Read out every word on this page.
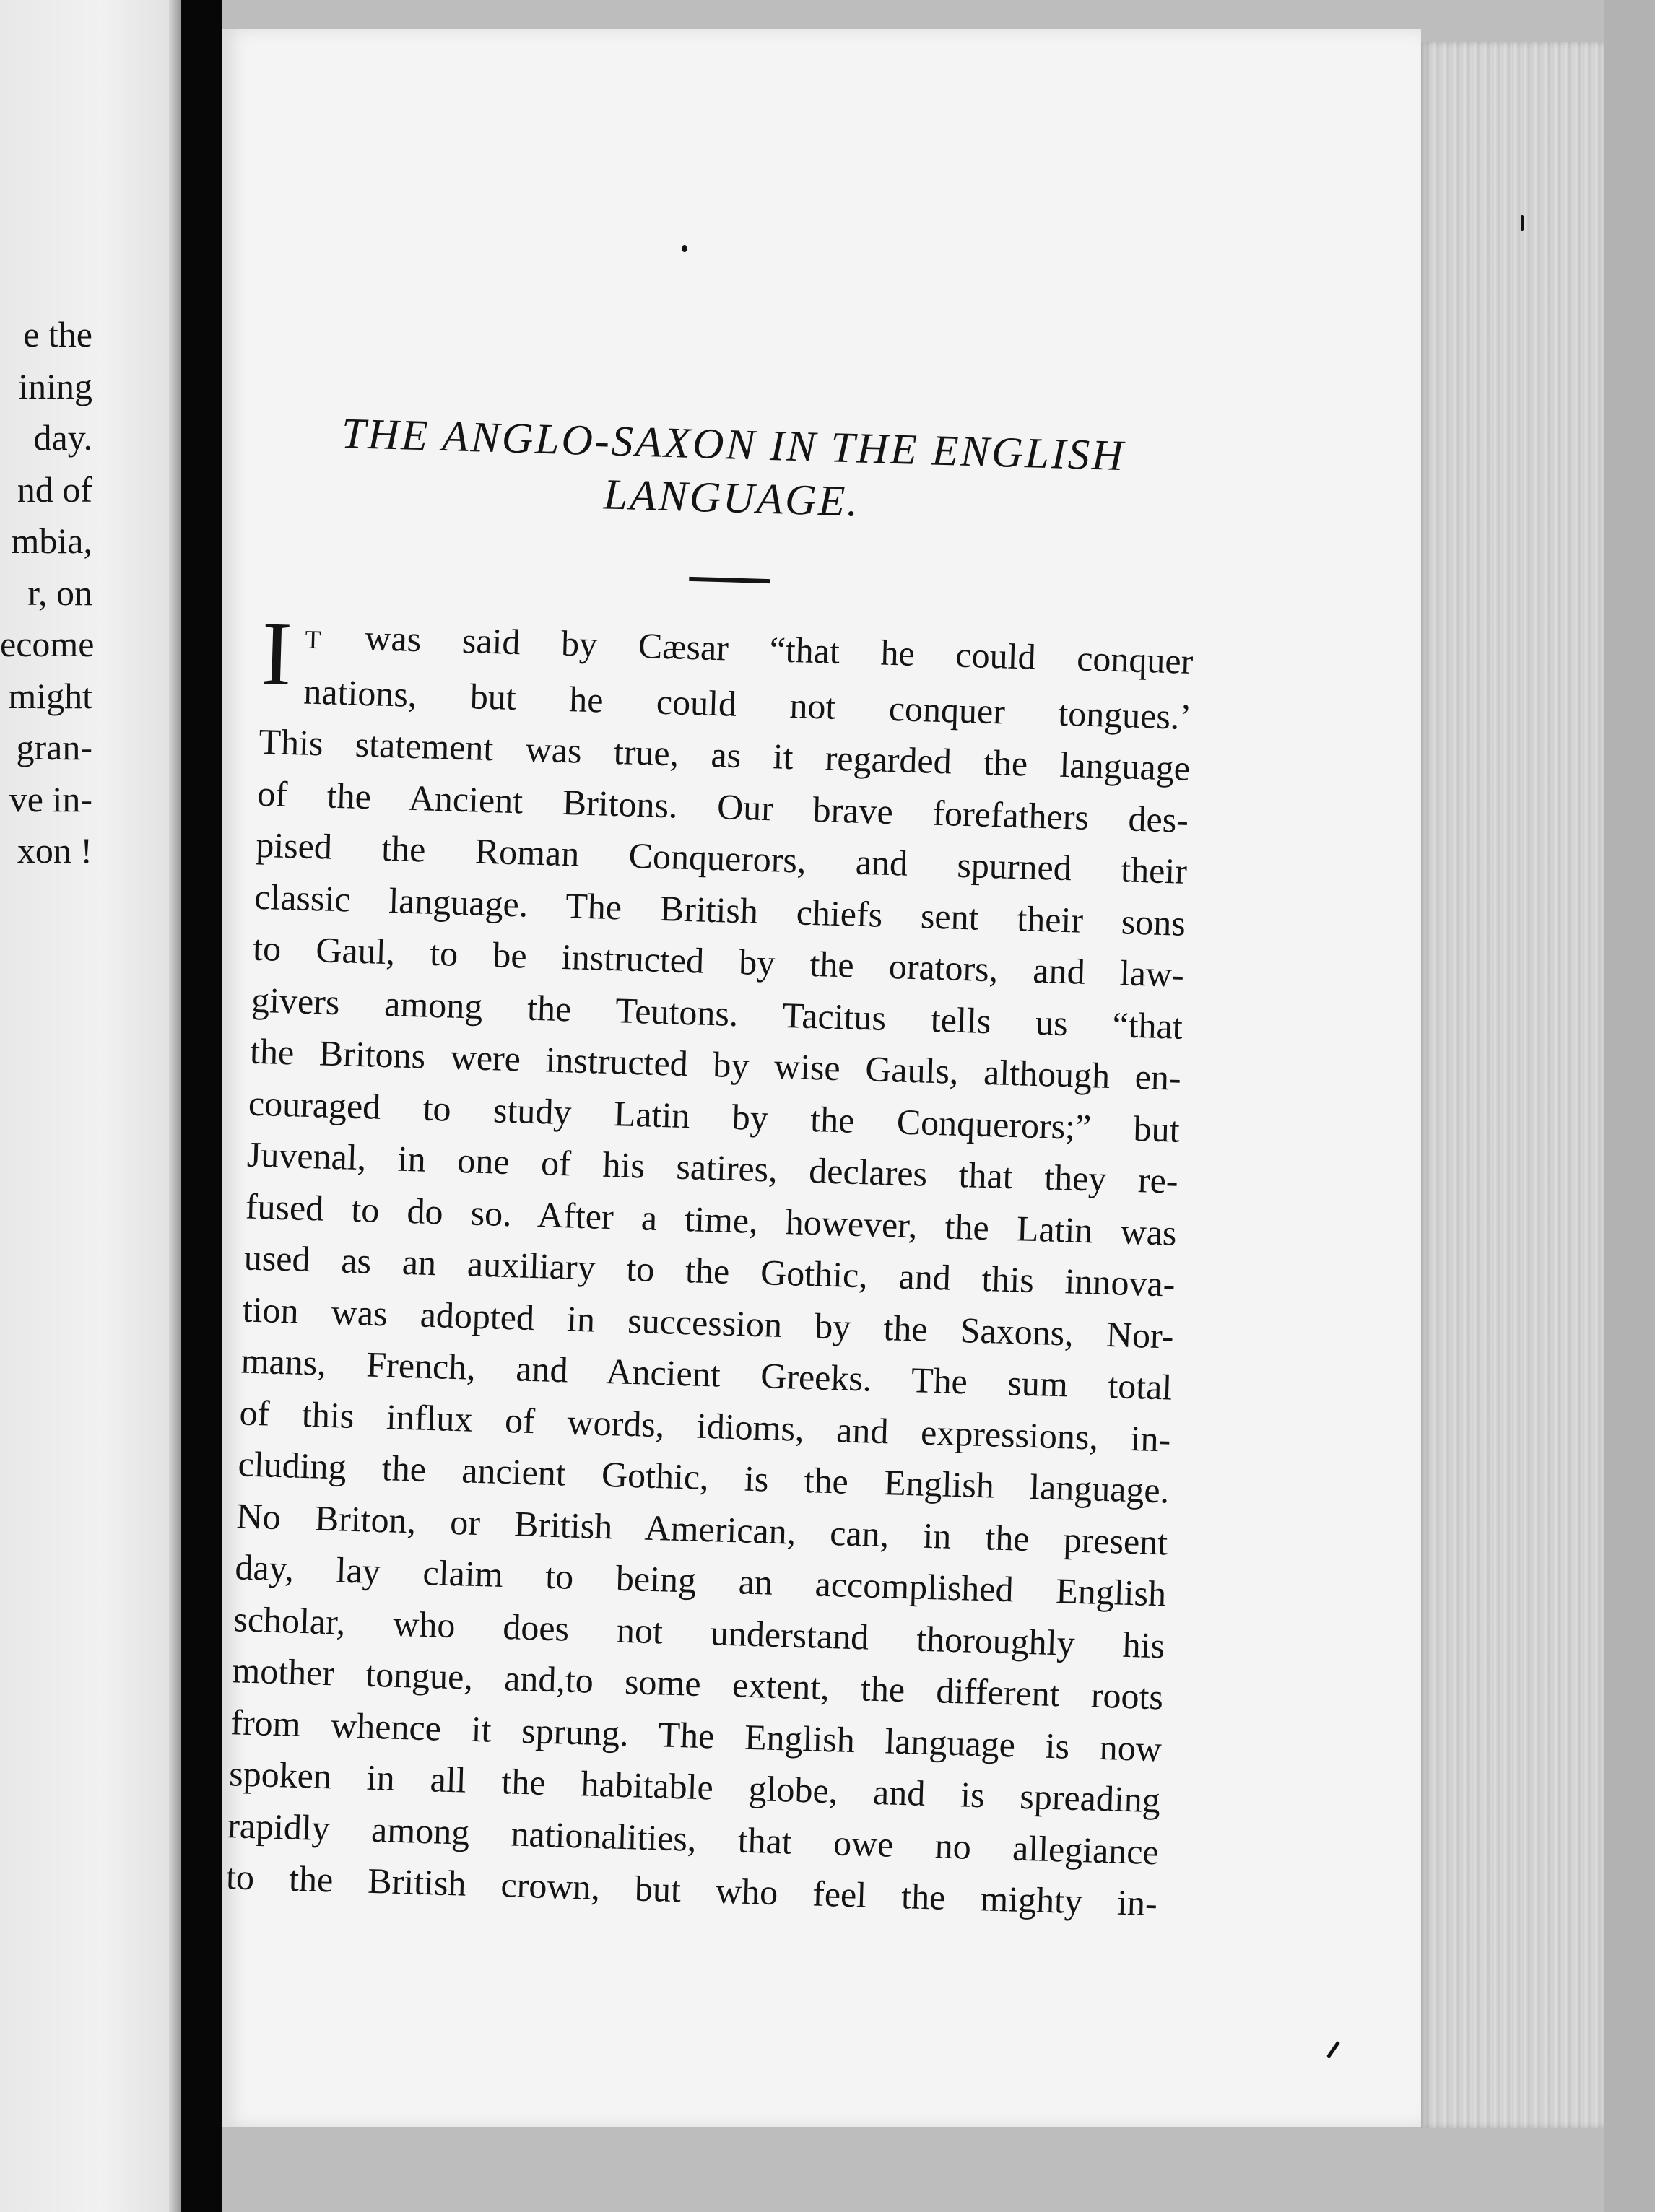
e the
ining
day.
nd of
mbia,
r, on
ecome
might
gran-
ve in-
xon !
THE ANGLO-SAXON IN THE ENGLISH
LANGUAGE.
I T was said by Cæsar “that he could conquer
nations, but he could not conquer tongues.’
This statement was true, as it regarded the language
of the Ancient Britons. Our brave forefathers des-
pised the Roman Conquerors, and spurned their
classic language. The British chiefs sent their sons
to Gaul, to be instructed by the orators, and law-
givers among the Teutons. Tacitus tells us “that
the Britons were instructed by wise Gauls, although en-
couraged to study Latin by the Conquerors;” but
Juvenal, in one of his satires, declares that they re-
fused to do so. After a time, however, the Latin was
used as an auxiliary to the Gothic, and this innova-
tion was adopted in succession by the Saxons, Nor-
mans, French, and Ancient Greeks. The sum total
of this influx of words, idioms, and expressions, in-
cluding the ancient Gothic, is the English language.
No Briton, or British American, can, in the present
day, lay claim to being an accomplished English
scholar, who does not understand thoroughly his
mother tongue, and,to some extent, the different roots
from whence it sprung. The English language is now
spoken in all the habitable globe, and is spreading
rapidly among nationalities, that owe no allegiance
to the British crown, but who feel the mighty in-
